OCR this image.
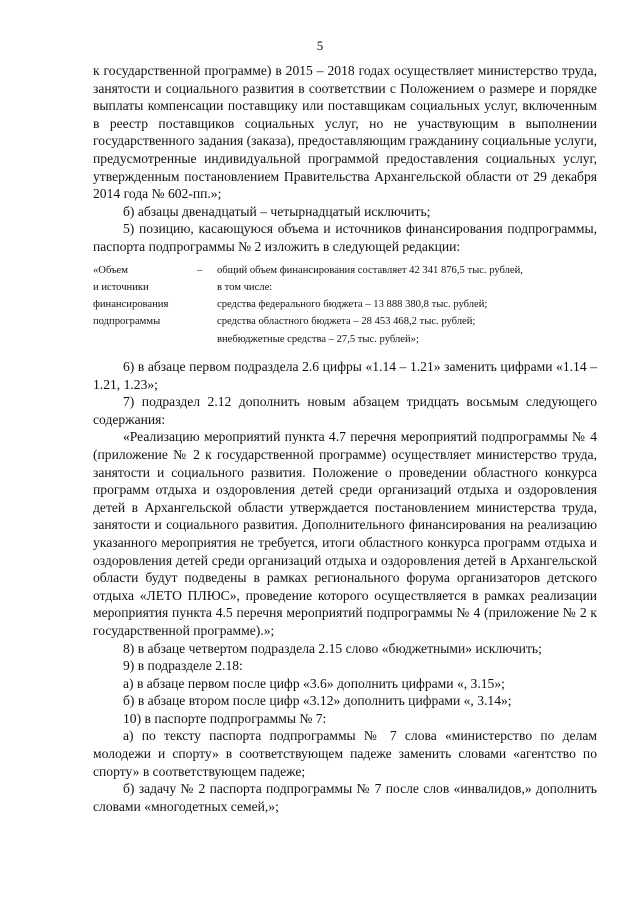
5

к государственной программе) в 2015 – 2018 годах осуществляет министерство труда, занятости и социального развития в соответствии с Положением о размере и порядке выплаты компенсации поставщику или поставщикам социальных услуг, включенным в реестр поставщиков социальных услуг, но не участвующим в выполнении государственного задания (заказа), предоставляющим гражданину социальные услуги, предусмотренные индивидуальной программой предоставления социальных услуг, утвержденным постановлением Правительства Архангельской области от 29 декабря 2014 года № 602-пп.»;

б) абзацы двенадцатый – четырнадцатый исключить;

5) позицию, касающуюся объема и источников финансирования подпрограммы, паспорта подпрограммы № 2 изложить в следующей редакции:

«Объем
и источники
финансирования
подпрограммы
–	общий объем финансирования составляет 42 341 876,5 тыс. рублей,
в том числе:
средства федерального бюджета – 13 888 380,8 тыс. рублей;
средства областного бюджета – 28 453 468,2 тыс. рублей;
внебюджетные средства – 27,5 тыс. рублей»;

6) в абзаце первом подраздела 2.6 цифры «1.14 – 1.21» заменить цифрами «1.14 – 1.21, 1.23»;

7) подраздел 2.12 дополнить новым абзацем тридцать восьмым следующего содержания:

«Реализацию мероприятий пункта 4.7 перечня мероприятий подпрограммы № 4 (приложение № 2 к государственной программе) осуществляет министерство труда, занятости и социального развития. Положение о проведении областного конкурса программ отдыха и оздоровления детей среди организаций отдыха и оздоровления детей в Архангельской области утверждается постановлением министерства труда, занятости и социального развития. Дополнительного финансирования на реализацию указанного мероприятия не требуется, итоги областного конкурса программ отдыха и оздоровления детей среди организаций отдыха и оздоровления детей в Архангельской области будут подведены в рамках регионального форума организаторов детского отдыха «ЛЕТО ПЛЮС», проведение которого осуществляется в рамках реализации мероприятия пункта 4.5 перечня мероприятий подпрограммы № 4 (приложение № 2 к государственной программе).»;

8) в абзаце четвертом подраздела 2.15 слово «бюджетными» исключить;

9) в подразделе 2.18:

а) в абзаце первом после цифр «3.6» дополнить цифрами «, 3.15»;

б) в абзаце втором после цифр «3.12» дополнить цифрами «, 3.14»;

10) в паспорте подпрограммы № 7:

а) по тексту паспорта подпрограммы № 7 слова «министерство по делам молодежи и спорту» в соответствующем падеже заменить словами «агентство по спорту» в соответствующем падеже;

б) задачу № 2 паспорта подпрограммы № 7 после слов «инвалидов,» дополнить словами «многодетных семей,»;
